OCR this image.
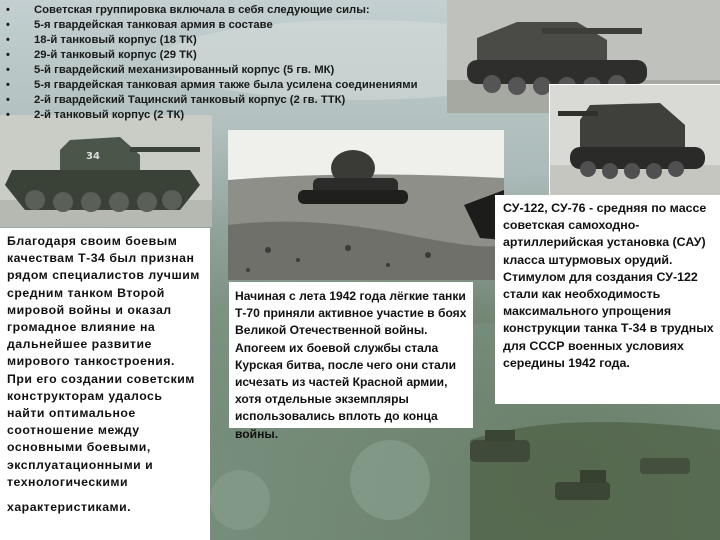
• Советская группировка включала в себя следующие силы:
• 5-я гвардейская танковая армия в составе
• 18-й танковый корпус (18 ТК)
• 29-й танковый корпус (29 ТК)
• 5-й гвардейский механизированный корпус (5 гв. МК)
• 5-я гвардейская танковая армия также была усилена соединениями
• 2-й гвардейский Тацинский танковый корпус (2 гв. ТТК)
• 2-й танковый корпус (2 ТК)
34
Благодаря своим боевым качествам Т-34 был признан рядом специалистов лучшим средним танком Второй мировой войны и оказал громадное влияние на дальнейшее развитие мирового танкостроения. При его создании советским конструкторам удалось найти оптимальное соотношение между основными боевыми, эксплуатационными и технологическими
характеристиками.
Начиная с лета 1942 года лёгкие танки Т-70 приняли активное участие в боях Великой Отечественной войны. Апогеем их боевой службы стала Курская битва, после чего они стали исчезать из частей Красной армии, хотя отдельные экземпляры использовались вплоть до конца войны.
СУ-122, СУ-76 - средняя по массе советская самоходно-артиллерийская установка (САУ) класса штурмовых орудий. Стимулом для создания СУ-122 стали как необходимость максимального упрощения конструкции танка Т-34 в трудных для СССР военных условиях середины 1942 года.
